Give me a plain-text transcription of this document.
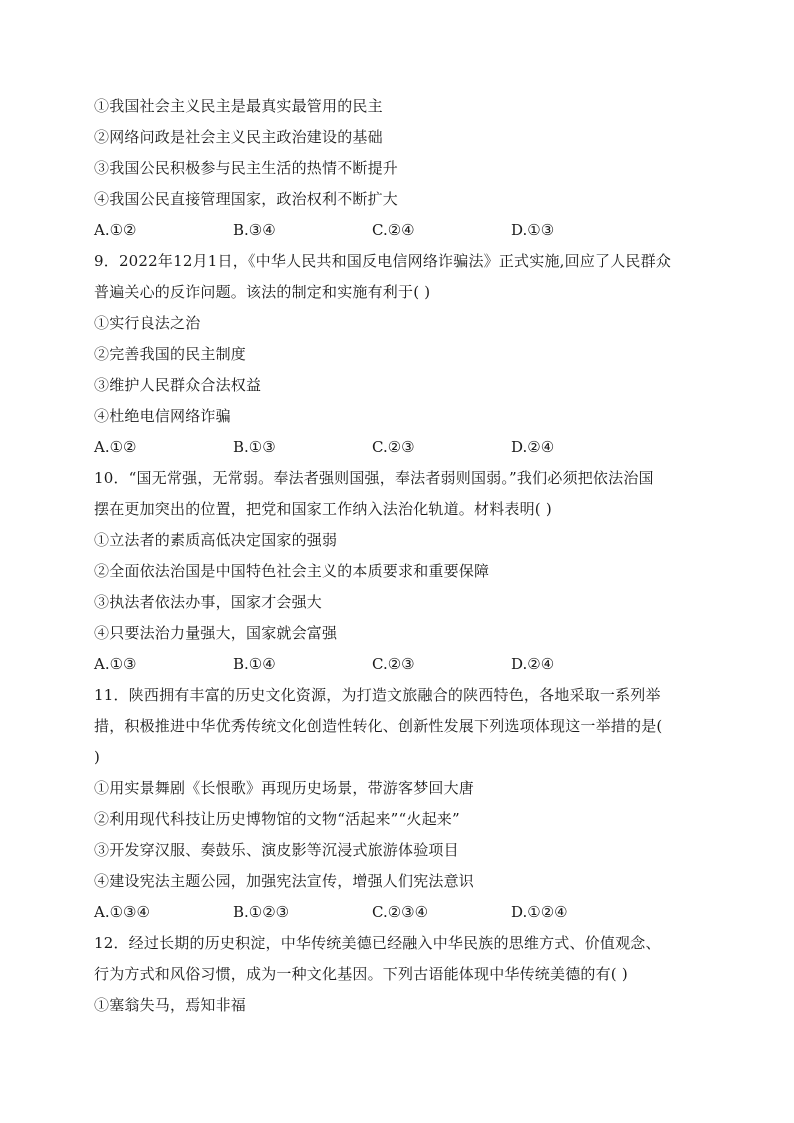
①我国社会主义民主是最真实最管用的民主
②网络问政是社会主义民主政治建设的基础
③我国公民积极参与民主生活的热情不断提升
④我国公民直接管理国家，政治权利不断扩大
A.①②	B.③④	C.②④	D.①③
9．2022年12月1日，《中华人民共和国反电信网络诈骗法》正式实施,回应了人民群众
普遍关心的反诈问题。该法的制定和实施有利于( )
①实行良法之治
②完善我国的民主制度
③维护人民群众合法权益
④杜绝电信网络诈骗
A.①②	B.①③	C.②③	D.②④
10．“国无常强，无常弱。奉法者强则国强，奉法者弱则国弱。”我们必须把依法治国
摆在更加突出的位置，把党和国家工作纳入法治化轨道。材料表明( )
①立法者的素质高低决定国家的强弱
②全面依法治国是中国特色社会主义的本质要求和重要保障
③执法者依法办事，国家才会强大
④只要法治力量强大，国家就会富强
A.①③	B.①④	C.②③	D.②④
11．陕西拥有丰富的历史文化资源，为打造文旅融合的陕西特色，各地采取一系列举
措，积极推进中华优秀传统文化创造性转化、创新性发展下列选项体现这一举措的是(
)
①用实景舞剧《长恨歌》再现历史场景，带游客梦回大唐
②利用现代科技让历史博物馆的文物“活起来”“火起来”
③开发穿汉服、奏鼓乐、演皮影等沉浸式旅游体验项目
④建设宪法主题公园，加强宪法宣传，增强人们宪法意识
A.①③④	B.①②③	C.②③④	D.①②④
12．经过长期的历史积淀，中华传统美德已经融入中华民族的思维方式、价值观念、
行为方式和风俗习惯，成为一种文化基因。下列古语能体现中华传统美德的有( )
①塞翁失马，焉知非福
